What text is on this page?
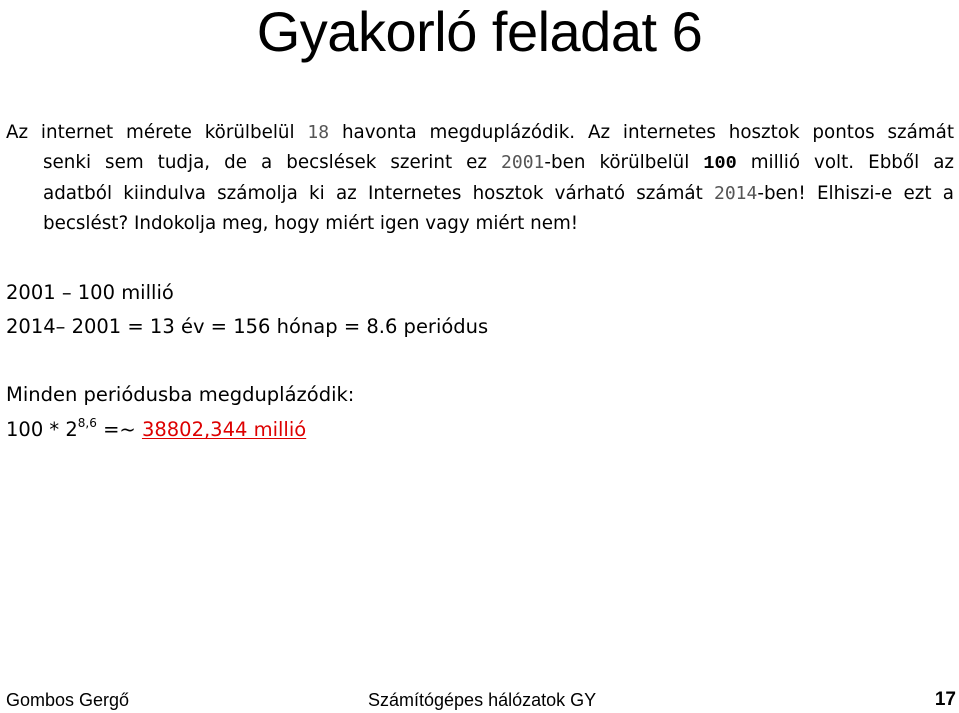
Gyakorló feladat 6
Az internet mérete körülbelül 18 havonta megduplázódik. Az internetes hosztok pontos számát
senki sem tudja, de a becslések szerint ez 2001-ben körülbelül 100 millió volt. Ebből az
adatból kiindulva számolja ki az Internetes hosztok várható számát 2014-ben! Elhiszi-e ezt a
becslést? Indokolja meg, hogy miért igen vagy miért nem!
2001 – 100 millió
2014– 2001 = 13 év = 156 hónap = 8.6 periódus
Minden periódusba megduplázódik:
$100 * 2^{8,6}$ =~ 38802,344 millió
Gombos Gergő	Számítógépes hálózatok GY	17
